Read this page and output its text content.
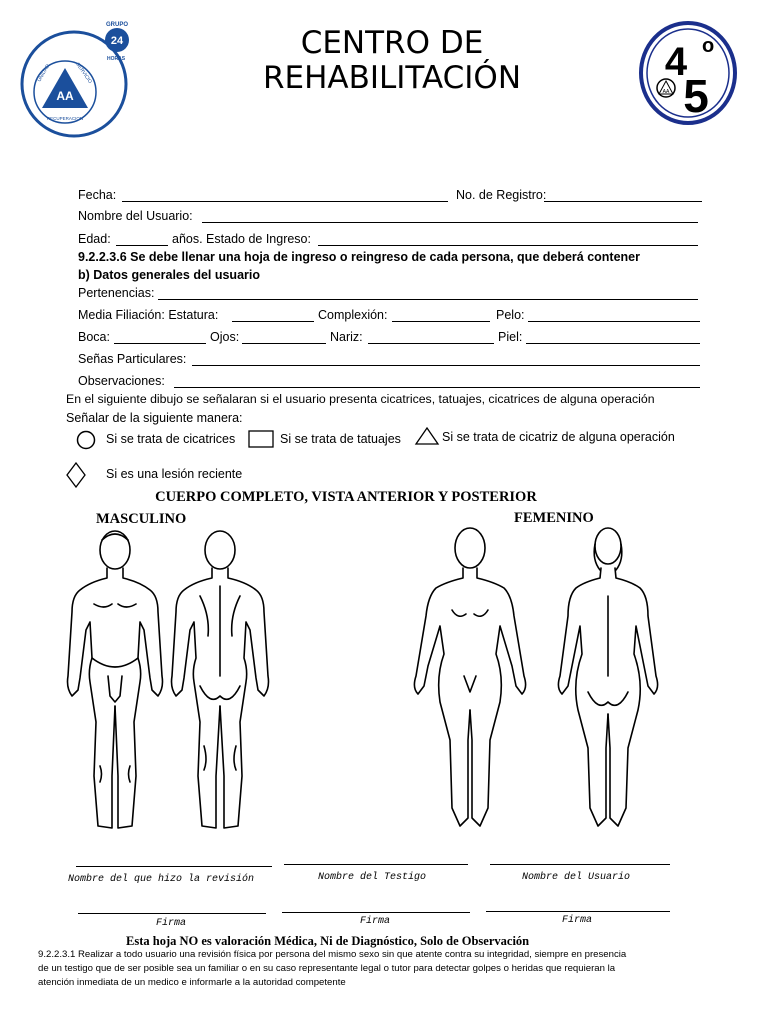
CENTRO DE
REHABILITACIÓN
AA
GRUPO
24
HORAS
UNIDAD	SERVICIO
RECUPERACION
4 o
5
AA
Fecha:	No. de Registro:
Nombre del Usuario:
Edad:	años. Estado de Ingreso:
9.2.2.3.6 Se debe llenar una hoja de ingreso o reingreso de cada persona, que deberá contener
b) Datos generales del usuario
Pertenencias:
Media Filiación: Estatura:	Complexión:	Pelo:
Boca:	Ojos:	Nariz:	Piel:
Señas Particulares:
Observaciones:
En el siguiente dibujo se señalaran si el usuario presenta cicatrices, tatuajes, cicatrices de alguna operación
Señalar de la siguiente manera:
Si se trata de cicatrices	Si se trata de tatuajes	Si se trata de cicatriz de alguna operación
Si es una lesión reciente
CUERPO COMPLETO, VISTA ANTERIOR Y POSTERIOR
MASCULINO	FEMENINO
Nombre del que hizo la revisión	Nombre del Testigo	Nombre del Usuario
Firma	Firma	Firma
Esta hoja NO es valoración Médica, Ni de Diagnóstico, Solo de Observación
9.2.2.3.1 Realizar a todo usuario una revisión física por persona del mismo sexo sin que atente contra su integridad, siempre en presencia
de un testigo que de ser posible sea un familiar o en su caso representante legal o tutor para detectar golpes o heridas que requieran la
atención inmediata de un medico e informarle a la autoridad competente
